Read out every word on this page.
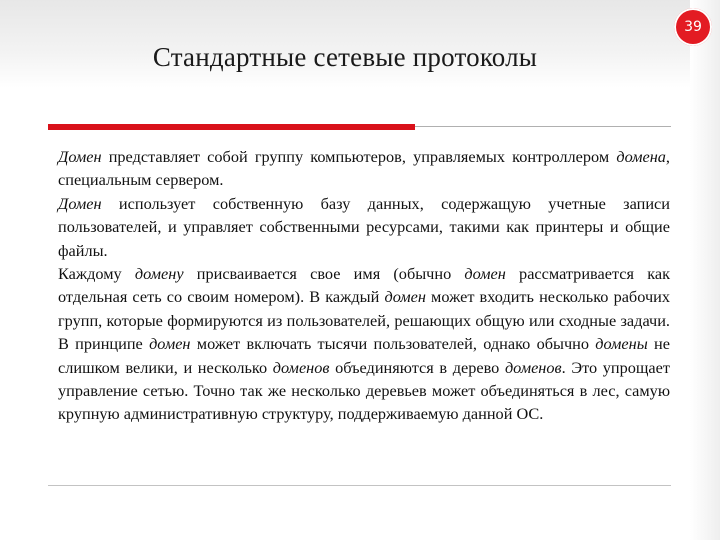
39
Стандартные сетевые протоколы

Домен представляет собой группу компьютеров, управляемых контроллером домена, специальным сервером.

Домен использует собственную базу данных, содержащую учетные записи пользователей, и управляет собственными ресурсами, такими как принтеры и общие файлы.

Каждому домену присваивается свое имя (обычно домен рассматривается как отдельная сеть со своим номером). В каждый домен может входить несколько рабочих групп, которые формируются из пользователей, решающих общую или сходные задачи. В принципе домен может включать тысячи пользователей, однако обычно домены не слишком велики, и несколько доменов объединяются в дерево доменов. Это упрощает управление сетью. Точно так же несколько деревьев может объединяться в лес, самую крупную административную структуру, поддерживаемую данной ОС.
